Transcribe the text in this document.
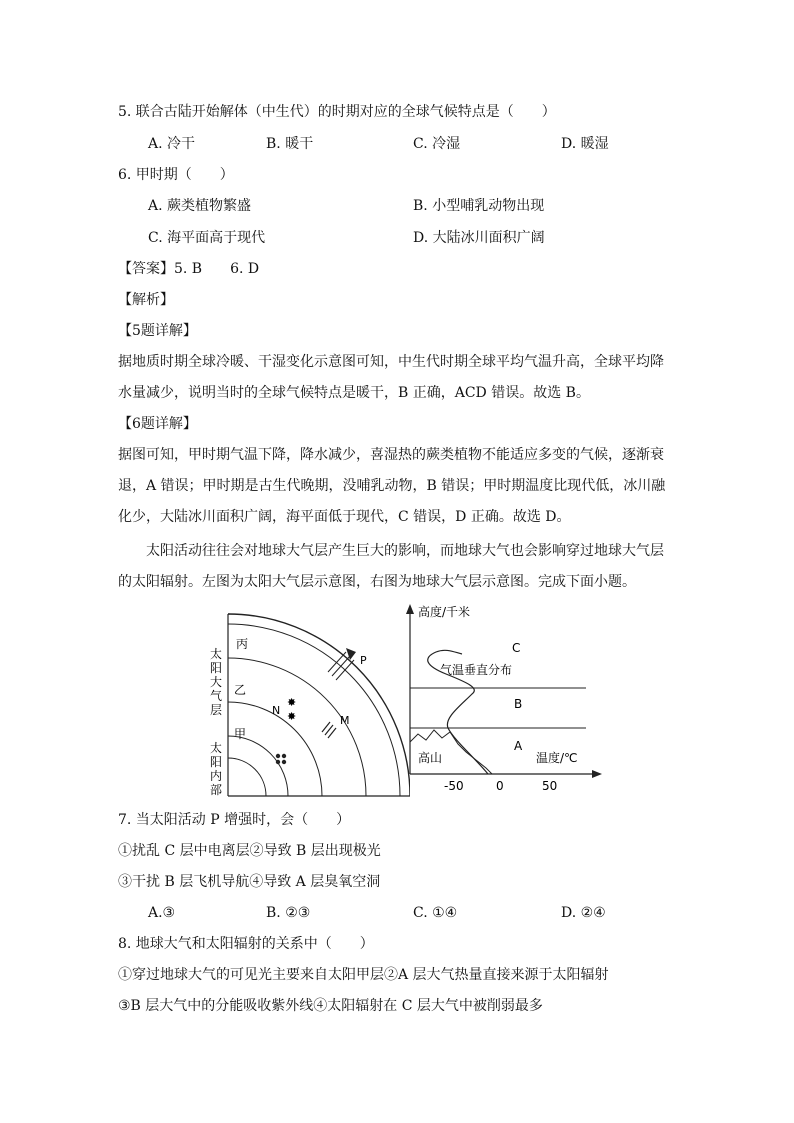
5. 联合古陆开始解体（中生代）的时期对应的全球气候特点是（　　）
A. 冷干	B. 暖干	C. 冷湿	D. 暖湿
6. 甲时期（　　）
A. 蕨类植物繁盛	B. 小型哺乳动物出现
C. 海平面高于现代	D. 大陆冰川面积广阔
【答案】5. B　　6. D
【解析】
【5题详解】
据地质时期全球冷暖、干湿变化示意图可知，中生代时期全球平均气温升高，全球平均降
水量减少，说明当时的全球气候特点是暖干，B 正确，ACD 错误。故选 B。
【6题详解】
据图可知，甲时期气温下降，降水减少，喜湿热的蕨类植物不能适应多变的气候，逐渐衰
退，A 错误；甲时期是古生代晚期，没哺乳动物，B 错误；甲时期温度比现代低，冰川融
化少，大陆冰川面积广阔，海平面低于现代，C 错误，D 正确。故选 D。
　　太阳活动往往会对地球大气层产生巨大的影响，而地球大气也会影响穿过地球大气层
的太阳辐射。左图为太阳大气层示意图，右图为地球大气层示意图。完成下面小题。
丙
乙
甲
P
N
✸
✸	M
太
阳
大
气
层
太
阳
内
部
高度/千米
温度/℃
C
B
A
气温垂直分布
高山
-50	0	50
7. 当太阳活动 P 增强时，会（　　）
①扰乱 C 层中电离层②导致 B 层出现极光
③干扰 B 层飞机导航④导致 A 层臭氧空洞
A.③	B. ②③	C. ①④	D. ②④
8. 地球大气和太阳辐射的关系中（　　）
①穿过地球大气的可见光主要来自太阳甲层②A 层大气热量直接来源于太阳辐射
③B 层大气中的分能吸收紫外线④太阳辐射在 C 层大气中被削弱最多
